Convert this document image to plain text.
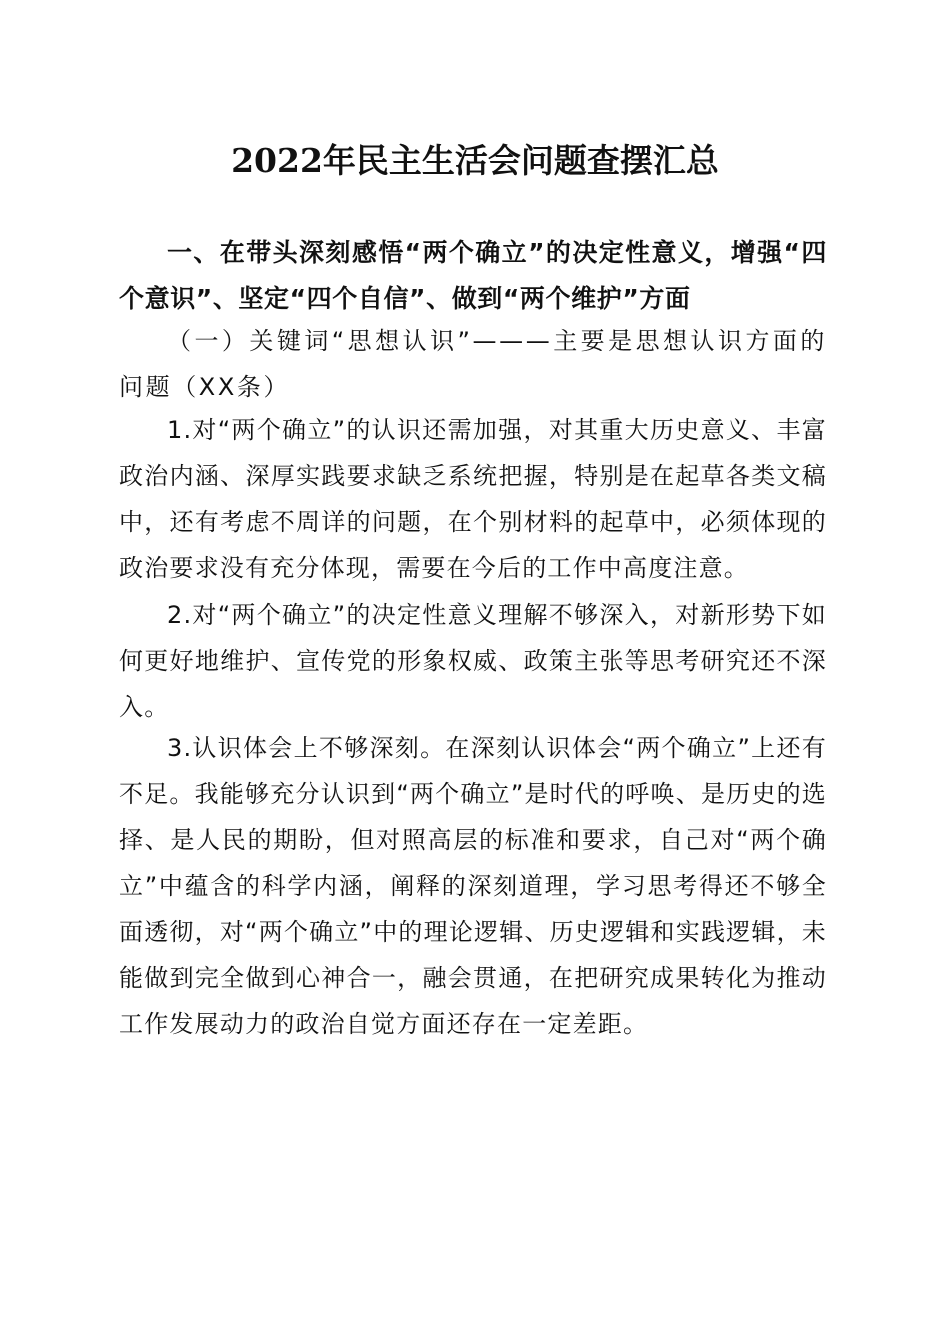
2022年民主生活会问题查摆汇总
一、在带头深刻感悟“两个确立”的决定性意义，增强“四个意识”、坚定“四个自信”、做到“两个维护”方面
（一）关键词“思想认识”———主要是思想认识方面的问题（XX条）
1.对“两个确立”的认识还需加强，对其重大历史意义、丰富政治内涵、深厚实践要求缺乏系统把握，特别是在起草各类文稿中，还有考虑不周详的问题，在个别材料的起草中，必须体现的政治要求没有充分体现，需要在今后的工作中高度注意。
2.对“两个确立”的决定性意义理解不够深入，对新形势下如何更好地维护、宣传党的形象权威、政策主张等思考研究还不深入。
3.认识体会上不够深刻。在深刻认识体会“两个确立”上还有不足。我能够充分认识到“两个确立”是时代的呼唤、是历史的选择、是人民的期盼，但对照高层的标准和要求，自己对“两个确立”中蕴含的科学内涵，阐释的深刻道理，学习思考得还不够全面透彻，对“两个确立”中的理论逻辑、历史逻辑和实践逻辑，未能做到完全做到心神合一，融会贯通，在把研究成果转化为推动工作发展动力的政治自觉方面还存在一定差距。
